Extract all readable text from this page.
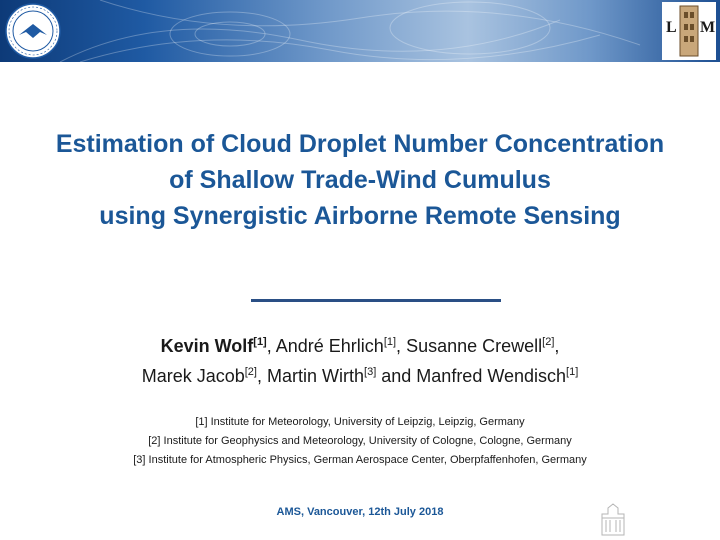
L M
Estimation of Cloud Droplet Number Concentration
of Shallow Trade-Wind Cumulus
using Synergistic Airborne Remote Sensing
Kevin Wolf[1], André Ehrlich[1], Susanne Crewell[2],
Marek Jacob[2], Martin Wirth[3] and Manfred Wendisch[1]
[1] Institute for Meteorology, University of Leipzig, Leipzig, Germany
[2] Institute for Geophysics and Meteorology, University of Cologne, Cologne, Germany
[3] Institute for Atmospheric Physics, German Aerospace Center, Oberpfaffenhofen, Germany
AMS, Vancouver, 12th July 2018
